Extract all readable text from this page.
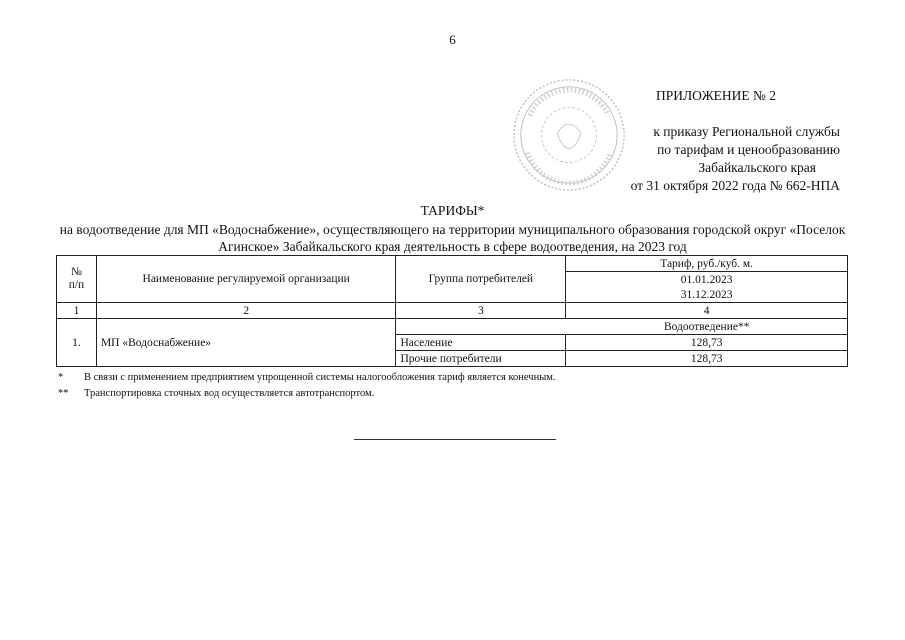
6
ПРИЛОЖЕНИЕ № 2
к приказу Региональной службы
по тарифам и ценообразованию
Забайкальского края
от 31 октября 2022 года № 662-НПА
ТАРИФЫ*
на водоотведение для МП «Водоснабжение», осуществляющего на территории муниципального образования городской округ «Поселок Агинское» Забайкальского края деятельность в сфере водоотведения, на 2023 год
№
п/п	Наименование регулируемой организации	Группа потребителей	Тариф, руб./куб. м.
			01.01.2023
			31.12.2023
1	2	3	4
1.	МП «Водоснабжение»	Водоотведение**	
		Население	128,73
		Прочие потребители	128,73
* В связи с применением предприятием упрощенной системы налогообложения тариф является конечным.
** Транспортировка сточных вод осуществляется автотранспортом.
